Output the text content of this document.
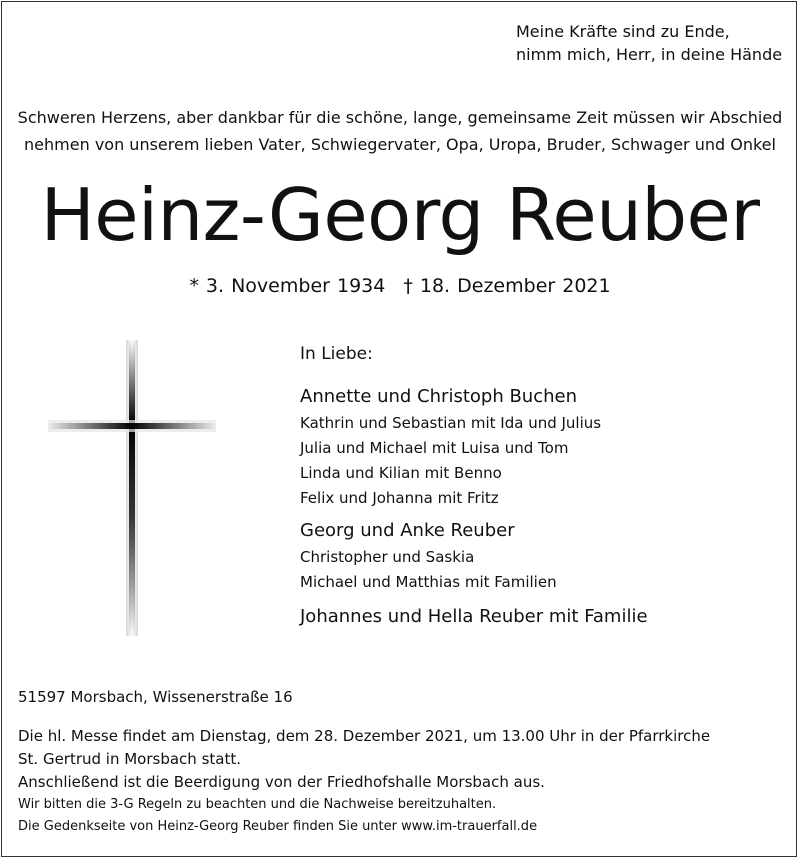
Meine Kräfte sind zu Ende,
nimm mich, Herr, in deine Hände
Schweren Herzens, aber dankbar für die schöne, lange, gemeinsame Zeit müssen wir Abschied
nehmen von unserem lieben Vater, Schwiegervater, Opa, Uropa, Bruder, Schwager und Onkel
Heinz-Georg Reuber
* 3. November 1934 † 18. Dezember 2021
In Liebe:
Annette und Christoph Buchen
Kathrin und Sebastian mit Ida und Julius
Julia und Michael mit Luisa und Tom
Linda und Kilian mit Benno
Felix und Johanna mit Fritz
Georg und Anke Reuber
Christopher und Saskia
Michael und Matthias mit Familien
Johannes und Hella Reuber mit Familie
51597 Morsbach, Wissenerstraße 16
Die hl. Messe findet am Dienstag, dem 28. Dezember 2021, um 13.00 Uhr in der Pfarrkirche
St. Gertrud in Morsbach statt.
Anschließend ist die Beerdigung von der Friedhofshalle Morsbach aus.
Wir bitten die 3-G Regeln zu beachten und die Nachweise bereitzuhalten.
Die Gedenkseite von Heinz-Georg Reuber finden Sie unter www.im-trauerfall.de
